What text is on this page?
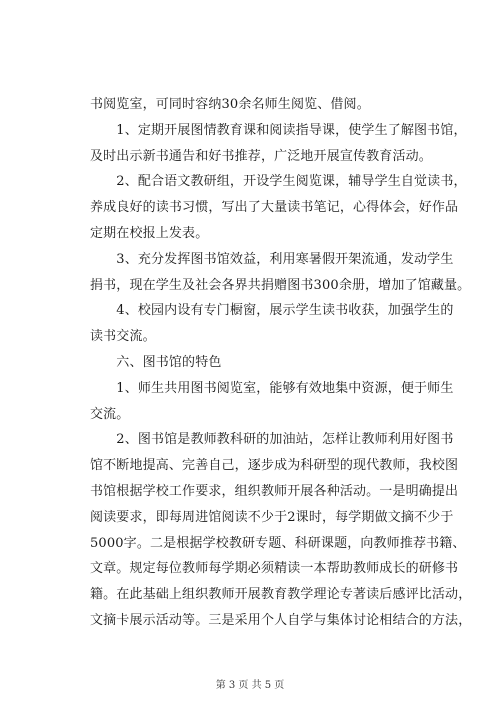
书阅览室，可同时容纳30余名师生阅览、借阅。
　　1、定期开展图情教育课和阅读指导课，使学生了解图书馆，
及时出示新书通告和好书推荐，广泛地开展宣传教育活动。
　　2、配合语文教研组，开设学生阅览课，辅导学生自觉读书，
养成良好的读书习惯，写出了大量读书笔记，心得体会，好作品
定期在校报上发表。
　　3、充分发挥图书馆效益，利用寒暑假开架流通，发动学生
捐书，现在学生及社会各界共捐赠图书300余册，增加了馆藏量。
　　4、校园内设有专门橱窗，展示学生读书收获，加强学生的
读书交流。
　　六、图书馆的特色
　　1、师生共用图书阅览室，能够有效地集中资源，便于师生
交流。
　　2、图书馆是教师教科研的加油站，怎样让教师利用好图书
馆不断地提高、完善自己，逐步成为科研型的现代教师，我校图
书馆根据学校工作要求，组织教师开展各种活动。一是明确提出
阅读要求，即每周进馆阅读不少于2课时，每学期做文摘不少于
5000字。二是根据学校教研专题、科研课题，向教师推荐书籍、
文章。规定每位教师每学期必须精读一本帮助教师成长的研修书
籍。在此基础上组织教师开展教育教学理论专著读后感评比活动，
文摘卡展示活动等。三是采用个人自学与集体讨论相结合的方法，
第 3 页 共 5 页
